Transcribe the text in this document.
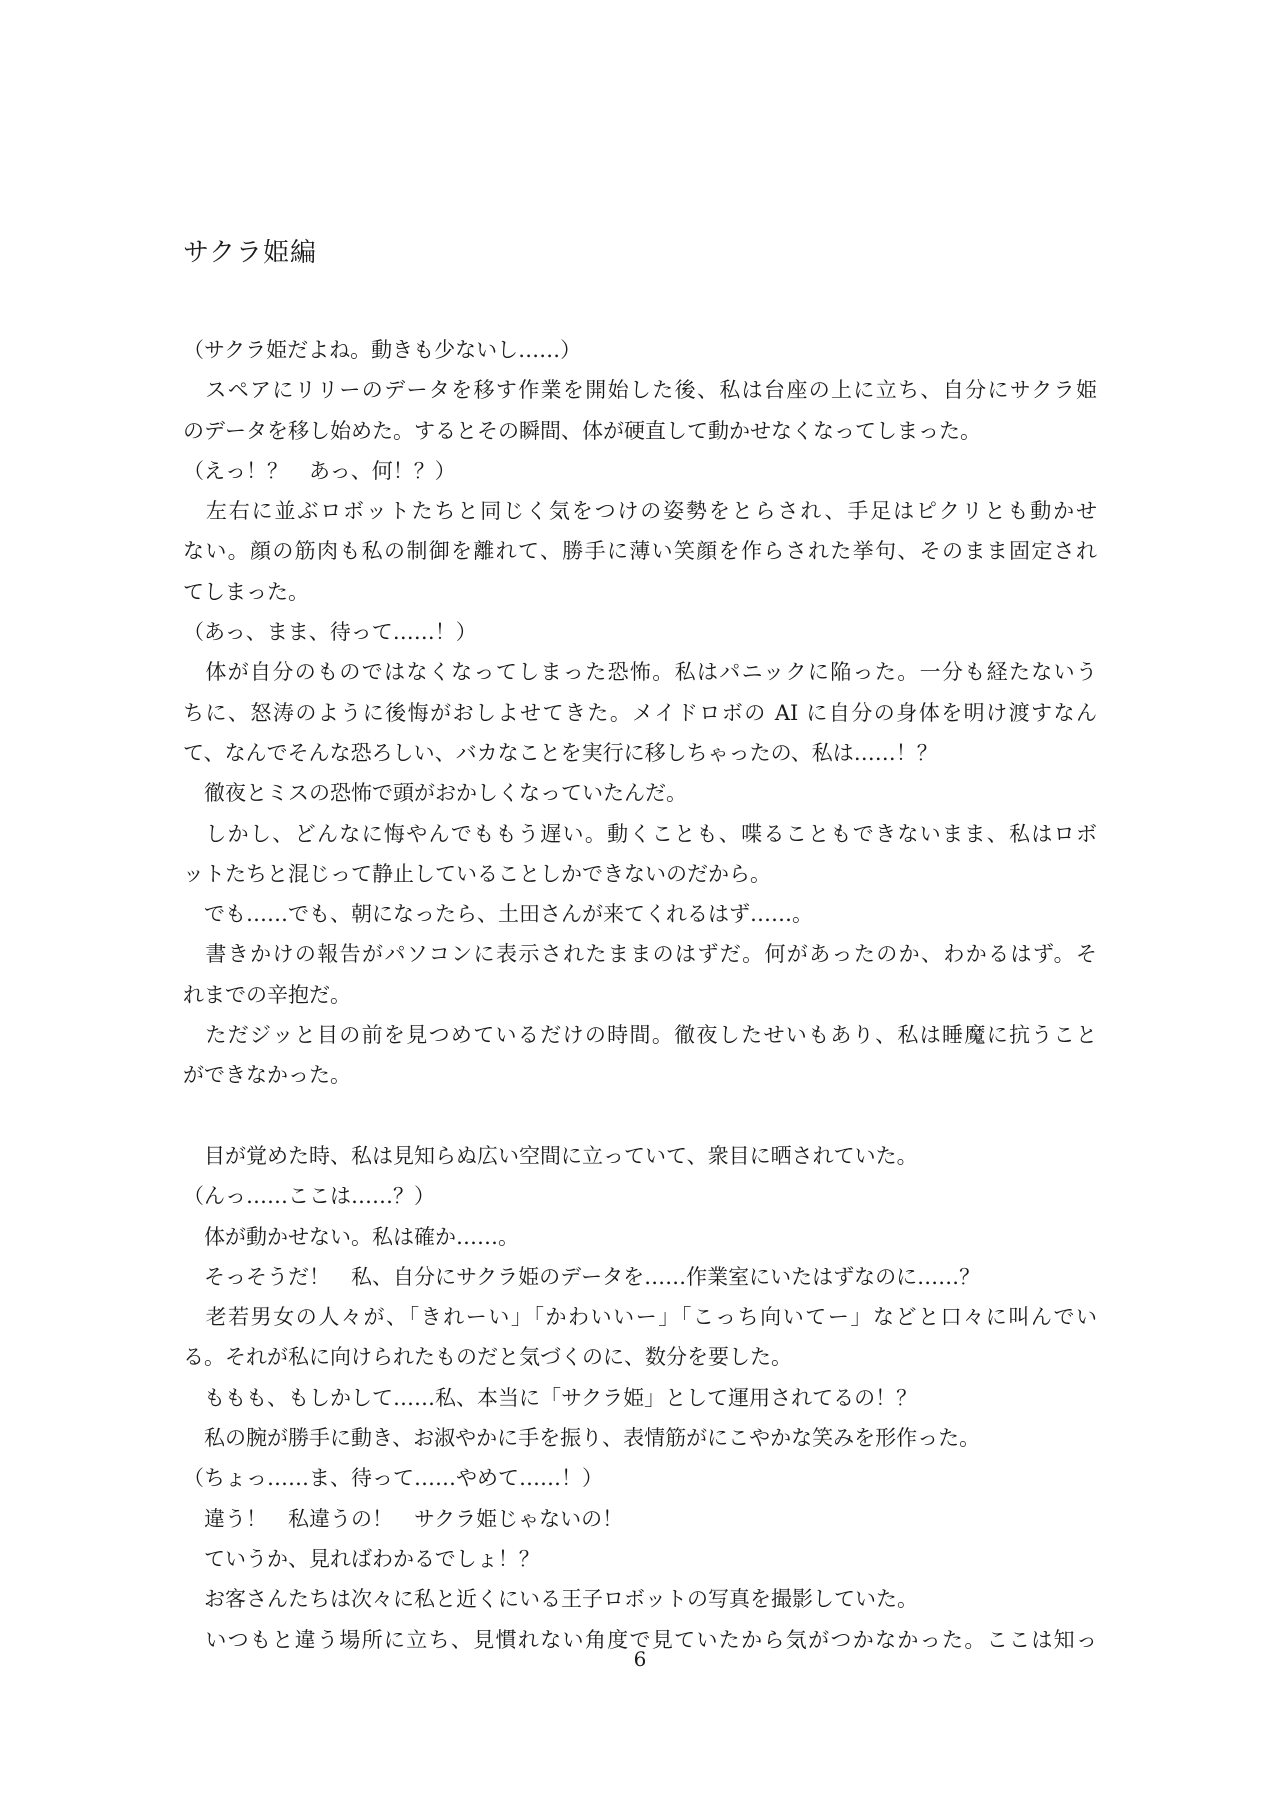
サクラ姫編

（サクラ姫だよね。動きも少ないし……）

　スペアにリリーのデータを移す作業を開始した後、私は台座の上に立ち、自分にサクラ姫

のデータを移し始めた。するとその瞬間、体が硬直して動かせなくなってしまった。

（えっ！？　あっ、何！？）

　左右に並ぶロボットたちと同じく気をつけの姿勢をとらされ、手足はピクリとも動かせ

ない。顔の筋肉も私の制御を離れて、勝手に薄い笑顔を作らされた挙句、そのまま固定され

てしまった。

（あっ、まま、待って……！）

　体が自分のものではなくなってしまった恐怖。私はパニックに陥った。一分も経たないう

ちに、怒涛のように後悔がおしよせてきた。メイドロボの AI に自分の身体を明け渡すなん

て、なんでそんな恐ろしい、バカなことを実行に移しちゃったの、私は……！？

　徹夜とミスの恐怖で頭がおかしくなっていたんだ。

　しかし、どんなに悔やんでももう遅い。動くことも、喋ることもできないまま、私はロボ

ットたちと混じって静止していることしかできないのだから。

　でも……でも、朝になったら、土田さんが来てくれるはず……。

　書きかけの報告がパソコンに表示されたままのはずだ。何があったのか、わかるはず。そ

れまでの辛抱だ。

　ただジッと目の前を見つめているだけの時間。徹夜したせいもあり、私は睡魔に抗うこと

ができなかった。

　目が覚めた時、私は見知らぬ広い空間に立っていて、衆目に晒されていた。

（んっ……ここは……？）

　体が動かせない。私は確か……。

　そっそうだ！　私、自分にサクラ姫のデータを……作業室にいたはずなのに……？

　老若男女の人々が、「きれーい」「かわいいー」「こっち向いてー」などと口々に叫んでい

る。それが私に向けられたものだと気づくのに、数分を要した。

　ももも、もしかして……私、本当に「サクラ姫」として運用されてるの！？

　私の腕が勝手に動き、お淑やかに手を振り、表情筋がにこやかな笑みを形作った。

（ちょっ……ま、待って……やめて……！）

　違う！　私違うの！　サクラ姫じゃないの！

　ていうか、見ればわかるでしょ！？

　お客さんたちは次々に私と近くにいる王子ロボットの写真を撮影していた。

　いつもと違う場所に立ち、見慣れない角度で見ていたから気がつかなかった。ここは知っ

6
